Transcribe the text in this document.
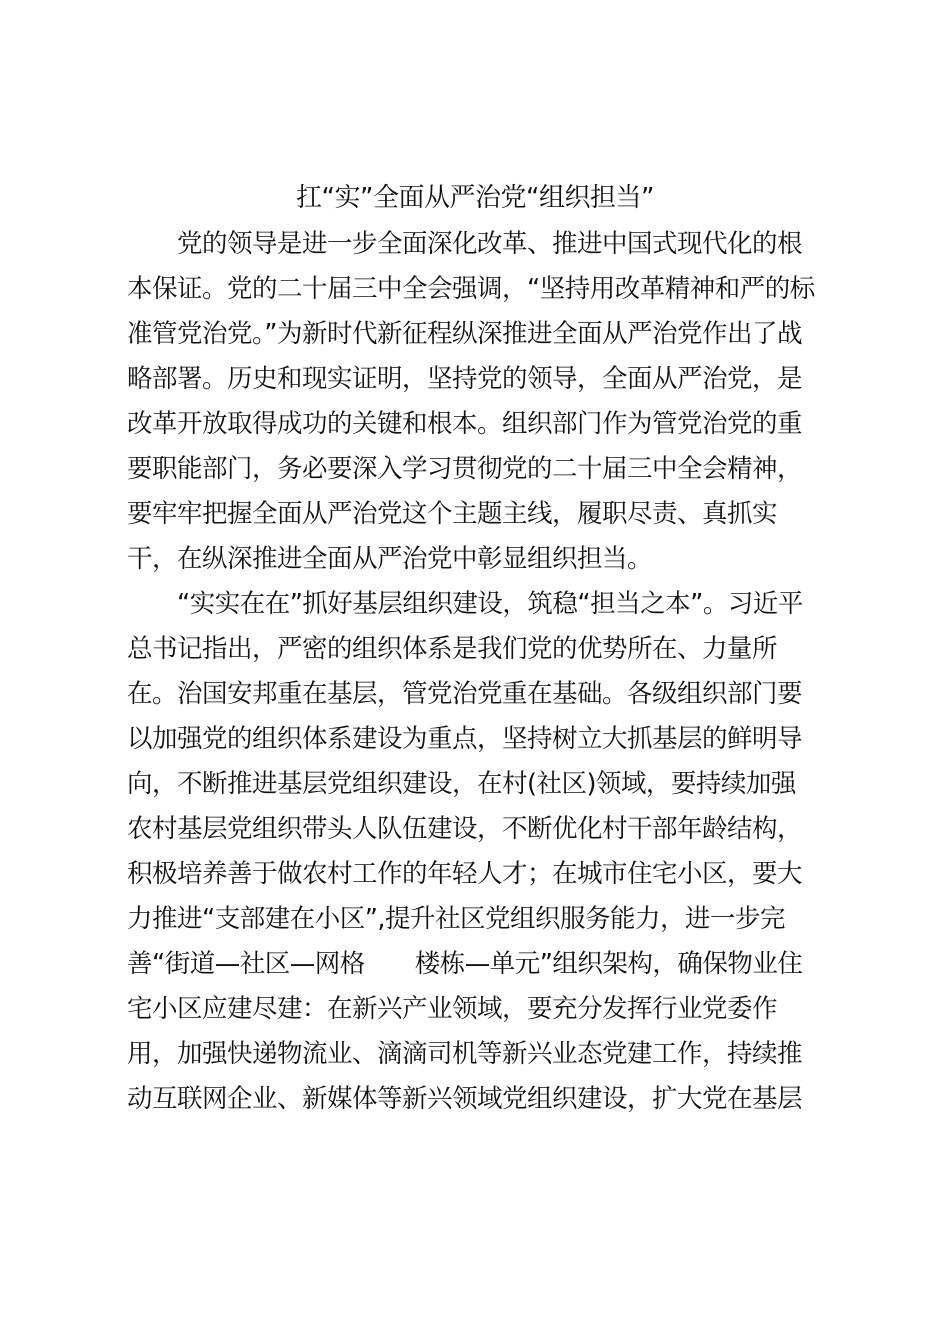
扛“实”全面从严治党“组织担当”
　　党的领导是进一步全面深化改革、推进中国式现代化的根
本保证。党的二十届三中全会强调，“坚持用改革精神和严的标
准管党治党。”为新时代新征程纵深推进全面从严治党作出了战
略部署。历史和现实证明，坚持党的领导，全面从严治党，是
改革开放取得成功的关键和根本。组织部门作为管党治党的重
要职能部门，务必要深入学习贯彻党的二十届三中全会精神，
要牢牢把握全面从严治党这个主题主线，履职尽责、真抓实
干，在纵深推进全面从严治党中彰显组织担当。
　　“实实在在”抓好基层组织建设，筑稳“担当之本”。习近平
总书记指出，严密的组织体系是我们党的优势所在、力量所
在。治国安邦重在基层，管党治党重在基础。各级组织部门要
以加强党的组织体系建设为重点，坚持树立大抓基层的鲜明导
向，不断推进基层党组织建设，在村(社区)领域，要持续加强
农村基层党组织带头人队伍建设，不断优化村干部年龄结构，
积极培养善于做农村工作的年轻人才；在城市住宅小区，要大
力推进“支部建在小区”,提升社区党组织服务能力，进一步完
善“街道—社区—网格　　楼栋—单元”组织架构，确保物业住
宅小区应建尽建：在新兴产业领域，要充分发挥行业党委作
用，加强快递物流业、滴滴司机等新兴业态党建工作，持续推
动互联网企业、新媒体等新兴领域党组织建设，扩大党在基层
